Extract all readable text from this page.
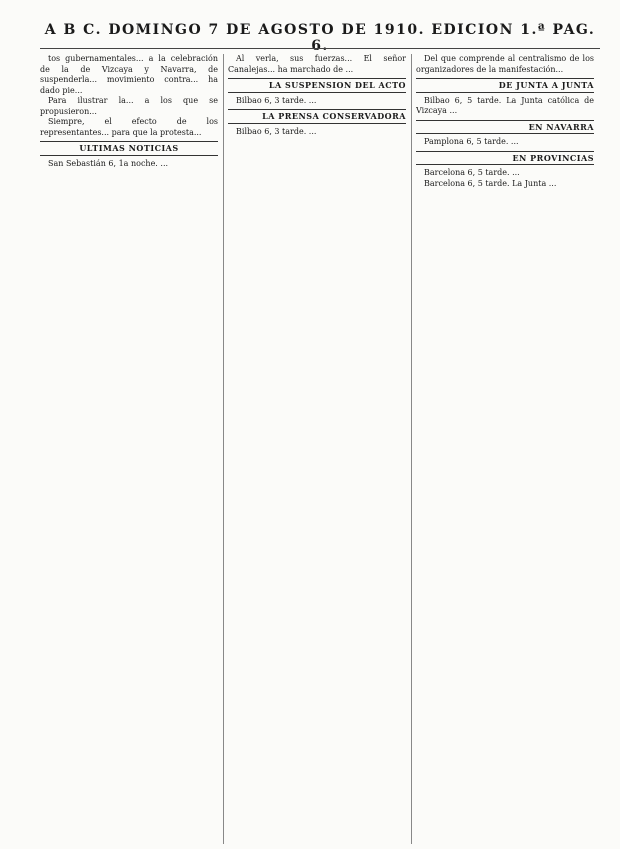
A B C. DOMINGO 7 DE AGOSTO DE 1910. EDICION 1.ª PAG. 6.

tos gubernamentales... a la celebración de la de Vizcaya y Navarra, de suspenderla... movimiento contra... ha dado pie...

Para ilustrar la... a los que se propusieron...

Siempre, el efecto de los representantes... para que la protesta...

ULTIMAS NOTICIAS

San Sebastián 6, 1a noche. ...

Al verla, sus fuerzas... El señor Canalejas... ha marchado de ...

LA SUSPENSION DEL ACTO

Bilbao 6, 3 tarde. ...

LA PRENSA CONSERVADORA

Bilbao 6, 3 tarde. ...

Del que comprende al centralismo de los organizadores de la manifestación...

DE JUNTA A JUNTA

Bilbao 6, 5 tarde. La Junta católica de Vizcaya ...

EN NAVARRA

Pamplona 6, 5 tarde. ...

EN PROVINCIAS

Barcelona 6, 5 tarde. ...

Barcelona 6, 5 tarde. La Junta ...
